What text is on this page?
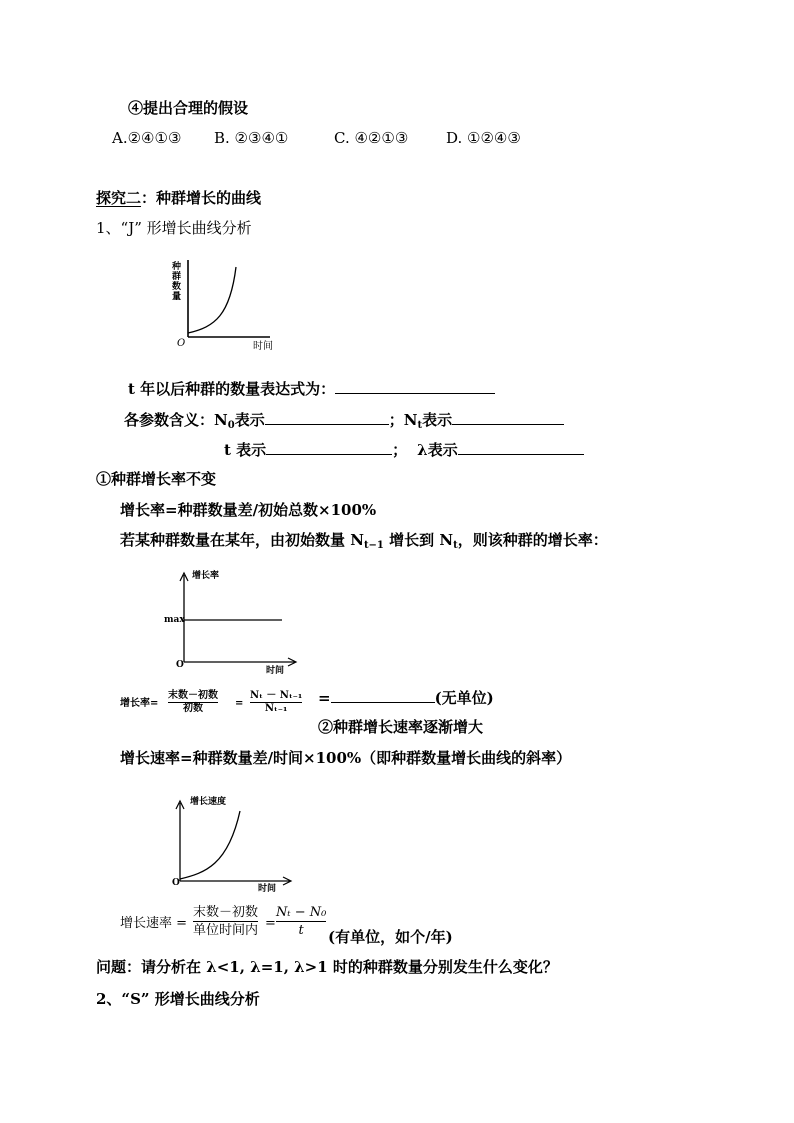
④提出合理的假设
A.②④①③ B. ②③④①	C. ④②①③	D. ①②④③
探究二：种群增长的曲线
1、“J” 形增长曲线分析
种群数量
O	时间
t 年以后种群的数量表达式为：
各参数含义：$N_0$表示	；$N_t$表示
t 表示	； λ表示
①种群增长率不变
增长率=种群数量差/初始总数×100%
若某种群数量在某年，由初始数量 $N_{t-1}$ 增长到 $N_t$，则该种群的增长率：
增长率
max
O
时间
增长率=
末数－初数
初数	=
Nₜ － Nₜ₋₁
Nₜ₋₁
=	(无单位)
②种群增长速率逐渐增大
增长速率=种群数量差/时间×100%（即种群数量增长曲线的斜率）
增长速度
O
时间
增长速率 =
末数－初数
单位时间内 =
Nₜ − N₀
t (有单位，如个/年)
问题：请分析在 λ<1, λ=1, λ>1 时的种群数量分别发生什么变化？
2、“S” 形增长曲线分析
